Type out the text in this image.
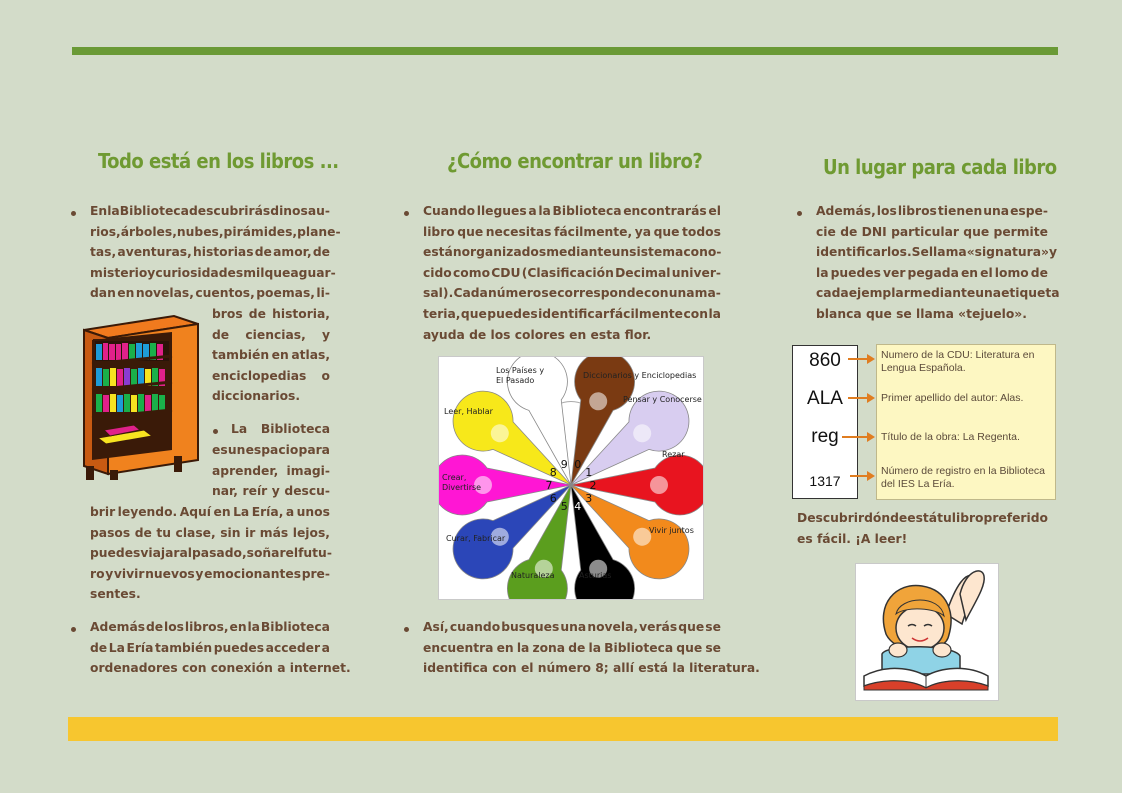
Todo está en los libros ...
En la Biblioteca descubrirás dinosau-
rios, árboles, nubes, pirámides, plane-
tas, aventuras, historias de amor, de
misterio y curiosidades mil que aguar-
dan en novelas, cuentos, poemas, li-
bros de historia,
de ciencias, y
también en atlas,
enciclopedias o
diccionarios.
La Biblioteca
es un espacio para
aprender, imagi-
nar, reír y descu-
brir leyendo. Aquí en La Ería, a unos
pasos de tu clase, sin ir más lejos,
puedes viajar al pasado, soñar el futu-
ro y vivir nuevos y emocionantes pre-
sentes.
Además de los libros, en la Biblioteca
de La Ería también puedes acceder a
ordenadores con conexión a internet.
¿Cómo encontrar un libro?
Cuando llegues a la Biblioteca encontrarás el
libro que necesitas fácilmente, ya que todos
están organizados mediante un sistema cono-
cido como CDU (Clasificación Decimal univer-
sal) . Cada número se corresponde con una ma-
teria, que puedes identificar fácilmente con la
ayuda de los colores en esta flor.
0
1
2
3
4
5
6
7
8
9
Los Países y
El Pasado
Diccionarios y Enciclopedias
Pensar y Conocerse
Rezar
Vivir juntos
Asturias
Naturaleza
Curar, Fabricar
Crear,
Divertirse
Leer, Hablar
Así, cuando busques una novela, verás que se
encuentra en la zona de la Biblioteca que se
identifica con el número 8; allí está la literatura.
Un lugar para cada libro
Además, los libros tienen una espe-
cie de DNI particular que permite
identificarlos. Se llama «signatura» y
la puedes ver pegada en el lomo de
cada ejemplar mediante una etiqueta
blanca que se llama «tejuelo».
860
ALA
reg
1317
Numero de la CDU: Literatura en Lengua Española.
Primer apellido del autor: Alas.
Título de la obra: La Regenta.
Número de registro en la Biblioteca del IES La Ería.
Descubrir dónde está tu libro preferido
es fácil. ¡A leer!
